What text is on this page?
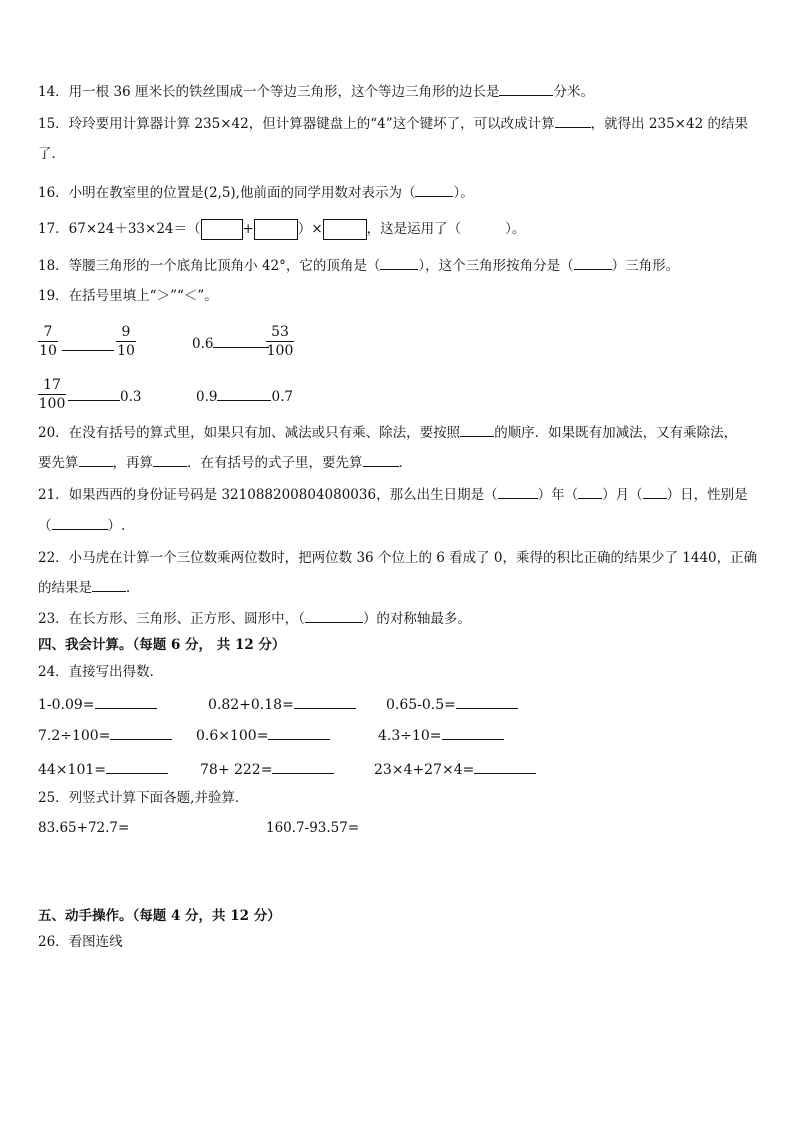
14．用一根 36 厘米长的铁丝围成一个等边三角形，这个等边三角形的边长是	分米。
15．玲玲要用计算器计算 235×42，但计算器键盘上的“4”这个键坏了，可以改成计算	，就得出 235×42 的结果
了．
16．小明在教室里的位置是(2,5),他前面的同学用数对表示为（	）。
17．67×24＋33×24＝（	+	）×	，这是运用了（	）。
18．等腰三角形的一个底角比顶角小 42°，它的顶角是（	），这个三角形按角分是（	）三角形。
19．在括号里填上“＞”“＜”。
7
10
9
10	0.6
53
100
17
100	0.3	0.9	0.7
20．在没有括号的算式里，如果只有加、减法或只有乘、除法，要按照	的顺序．如果既有加减法，又有乘除法，
要先算	，再算	．在有括号的式子里，要先算	．
21．如果西西的身份证号码是 321088200804080036，那么出生日期是（	）年（ ）月（ ）日，性别是
（	）.
22．小马虎在计算一个三位数乘两位数时，把两位数 36 个位上的 6 看成了 0，乘得的积比正确的结果少了 1440，正确
的结果是	．
23．在长方形、三角形、正方形、圆形中，（	）的对称轴最多。
四、我会计算。（每题 6 分， 共 12 分）
24．直接写出得数．
1-0.09=	0.82+0.18=	0.65-0.5=
7.2÷100=	0.6×100=	4.3÷10=
44×101=	78+ 222=	23×4+27×4=
25．列竖式计算下面各题,并验算．
83.65+72.7=	160.7-93.57=
五、动手操作。（每题 4 分，共 12 分）
26．看图连线
